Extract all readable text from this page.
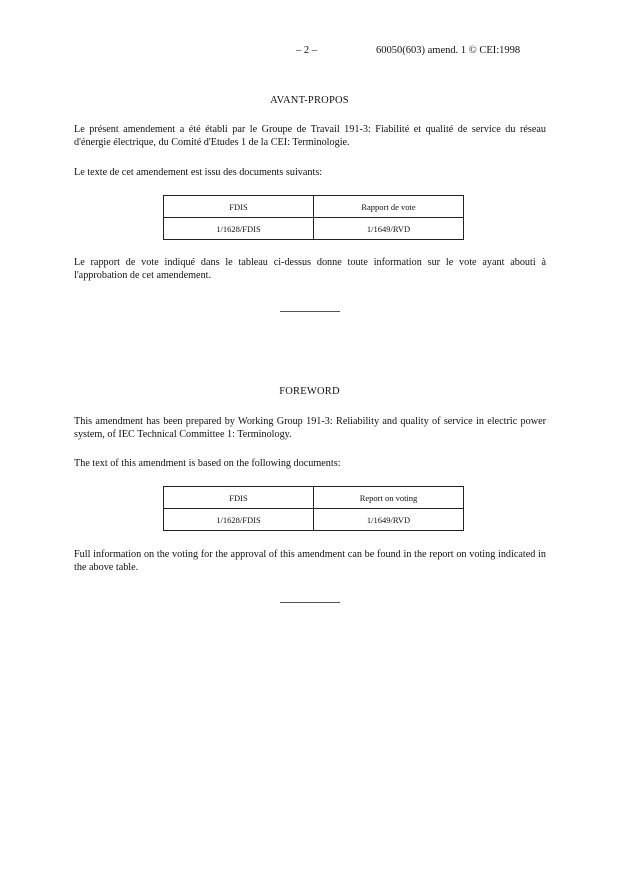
– 2 –	60050(603) amend. 1 © CEI:1998
AVANT-PROPOS
Le présent amendement a été établi par le Groupe de Travail 191-3: Fiabilité et qualité de service du réseau d'énergie électrique, du Comité d'Etudes 1 de la CEI: Terminologie.
Le texte de cet amendement est issu des documents suivants:
FDIS	Rapport de vote
1/1628/FDIS	1/1649/RVD
Le rapport de vote indiqué dans le tableau ci-dessus donne toute information sur le vote ayant abouti à l'approbation de cet amendement.
FOREWORD
This amendment has been prepared by Working Group 191-3: Reliability and quality of service in electric power system, of IEC Technical Committee 1: Terminology.
The text of this amendment is based on the following documents:
FDIS	Report on voting
1/1628/FDIS	1/1649/RVD
Full information on the voting for the approval of this amendment can be found in the report on voting indicated in the above table.
